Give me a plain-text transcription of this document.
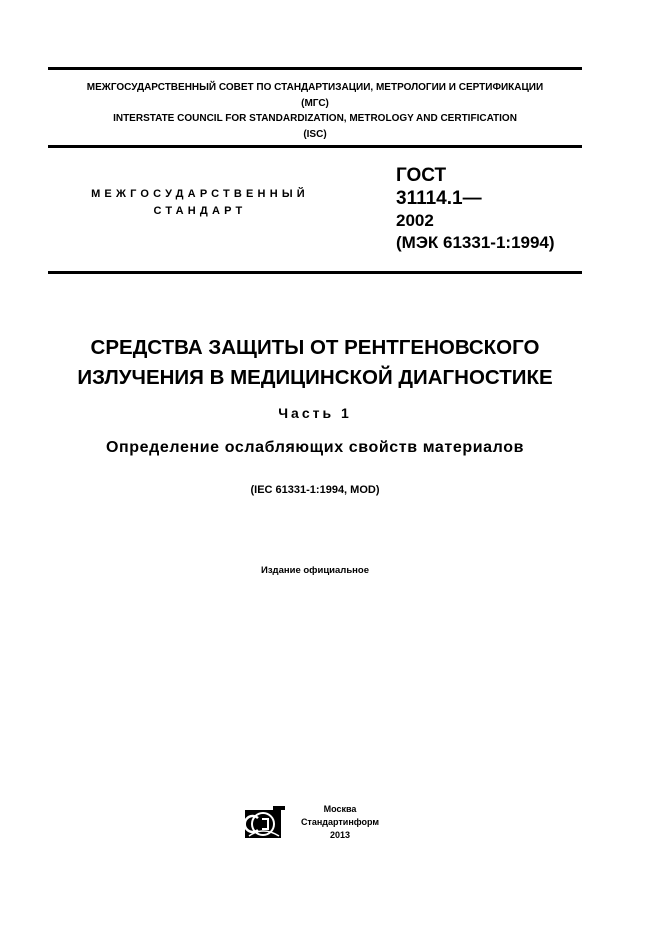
МЕЖГОСУДАРСТВЕННЫЙ СОВЕТ ПО СТАНДАРТИЗАЦИИ, МЕТРОЛОГИИ И СЕРТИФИКАЦИИ
(МГС)
INTERSTATE COUNCIL FOR STANDARDIZATION, METROLOGY AND CERTIFICATION
(ISC)
МЕЖГОСУДАРСТВЕННЫЙ
СТАНДАРТ
ГОСТ
31114.1—
2002
(МЭК 61331-1:1994)
СРЕДСТВА ЗАЩИТЫ ОТ РЕНТГЕНОВСКОГО
ИЗЛУЧЕНИЯ В МЕДИЦИНСКОЙ ДИАГНОСТИКЕ
Часть 1
Определение ослабляющих свойств материалов
(IEC 61331-1:1994, MOD)
Издание официальное
Москва
Стандартинформ
2013
